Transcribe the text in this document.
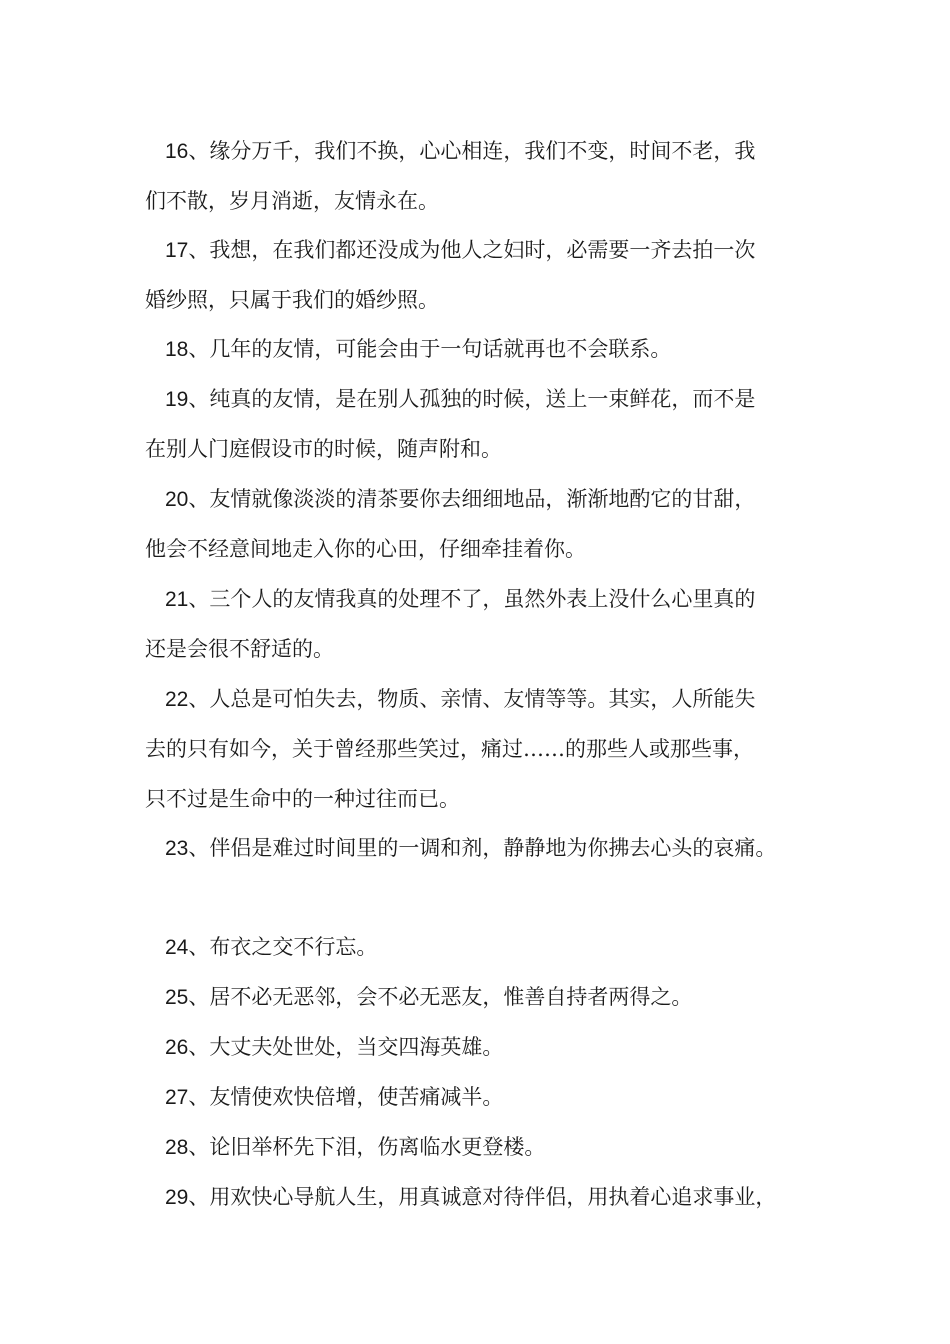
16、缘分万千，我们不换，心心相连，我们不变，时间不老，我
们不散，岁月消逝，友情永在。
17、我想，在我们都还没成为他人之妇时，必需要一齐去拍一次
婚纱照，只属于我们的婚纱照。
18、几年的友情，可能会由于一句话就再也不会联系。
19、纯真的友情，是在别人孤独的时候，送上一束鲜花，而不是
在别人门庭假设市的时候，随声附和。
20、友情就像淡淡的清茶要你去细细地品，渐渐地酌它的甘甜，
他会不经意间地走入你的心田，仔细牵挂着你。
21、三个人的友情我真的处理不了，虽然外表上没什么心里真的
还是会很不舒适的。
22、人总是可怕失去，物质、亲情、友情等等。其实，人所能失
去的只有如今，关于曾经那些笑过，痛过……的那些人或那些事，
只不过是生命中的一种过往而已。
23、伴侣是难过时间里的一调和剂，静静地为你拂去心头的哀痛。
24、布衣之交不行忘。
25、居不必无恶邻，会不必无恶友，惟善自持者两得之。
26、大丈夫处世处，当交四海英雄。
27、友情使欢快倍增，使苦痛减半。
28、论旧举杯先下泪，伤离临水更登楼。
29、用欢快心导航人生，用真诚意对待伴侣，用执着心追求事业，
